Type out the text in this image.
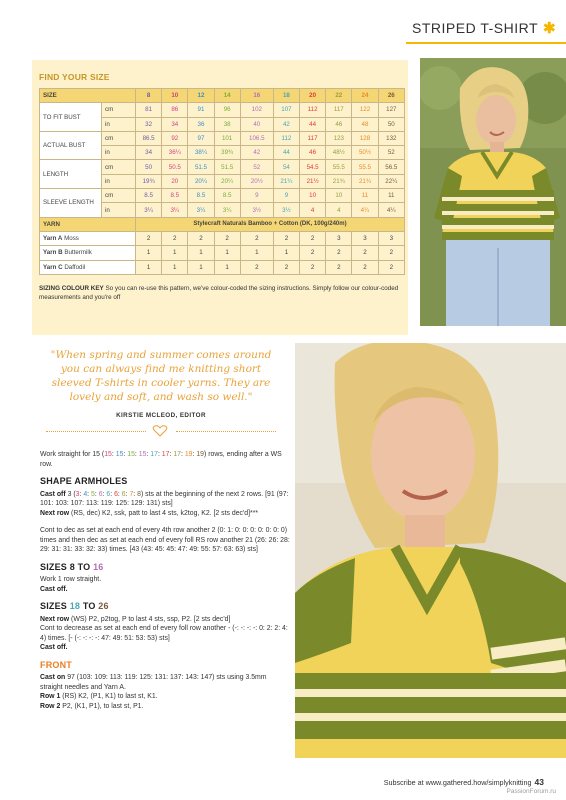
STRIPED T-SHIRT ✱
FIND YOUR SIZE
SIZE		8	10	12	14	16	18	20	22	24	26
TO FIT BUST	cm	81	86	91	96	102	107	112	117	122	127
	in	32	34	36	38	40	42	44	46	48	50
ACTUAL BUST	cm	86.5	92	97	101	106.5	112	117	123	128	132
	in	34	36¼	38¼	39¾	42	44	46	48½	50½	52
LENGTH	cm	50	50.5	51.5	51.5	52	54	54.5	55.5	55.5	56.5
	in	19¾	20	20¼	20¼	20½	21¼	21½	21¾	21¾	22¼
SLEEVE LENGTH	cm	8.5	8.5	8.5	8.5	9	9	10	10	11	11
	in	3¼	3¼	3¼	3¼	3½	3½	4	4	4¼	4¼
YARN		Stylecraft Naturals Bamboo + Cotton (DK, 100g/240m)									
Yarn A Moss		2	2	2	2	2	2	2	3	3	3
Yarn B Buttermilk		1	1	1	1	1	1	2	2	2	2
Yarn C Daffodil		1	1	1	1	2	2	2	2	2	2
SIZING COLOUR KEY So you can re-use this pattern, we've colour-coded the sizing instructions. Simply follow our colour-coded measurements and you're off
"When spring and summer comes around you can always find me knitting short sleeved T-shirts in cooler yarns. They are lovely and soft, and wash so well."
KIRSTIE MCLEOD, EDITOR

Work straight for 15 (15: 15: 15: 15: 17: 17: 17: 19: 19) rows, ending after a WS row.

SHAPE ARMHOLES

Cast off 3 (3: 4: 5: 6: 6: 6: 6: 7: 8) sts at the beginning of the next 2 rows. [91 (97: 101: 103: 107: 113: 119: 125: 129: 131) sts]
Next row (RS, dec) K2, ssk, patt to last 4 sts, k2tog, K2. [2 sts dec'd]***

Cont to dec as set at each end of every 4th row another 2 (0: 1: 0: 0: 0: 0: 0: 0: 0) times and then dec as set at each end of every foll RS row another 21 (26: 26: 28: 29: 31: 31: 33: 32: 33) times. [43 (43: 45: 45: 47: 49: 55: 57: 63: 63) sts]

SIZES 8 TO 16

Work 1 row straight.
Cast off.

SIZES 18 TO 26

Next row (WS) P2, p2tog, P to last 4 sts, ssp, P2. [2 sts dec'd]
Cont to decrease as set at each end of every foll row another - (-: -: -: -: 0: 2: 2: 4: 4) times. [- (-: -: -: -: 47: 49: 51: 53: 53) sts]
Cast off.

FRONT

Cast on 97 (103: 109: 113: 119: 125: 131: 137: 143: 147) sts using 3.5mm straight needles and Yarn A.
Row 1 (RS) K2, (P1, K1) to last st, K1.
Row 2 P2, (K1, P1), to last st, P1.

Subscribe at www.gathered.how/simplyknitting 43
PassionForum.ru
